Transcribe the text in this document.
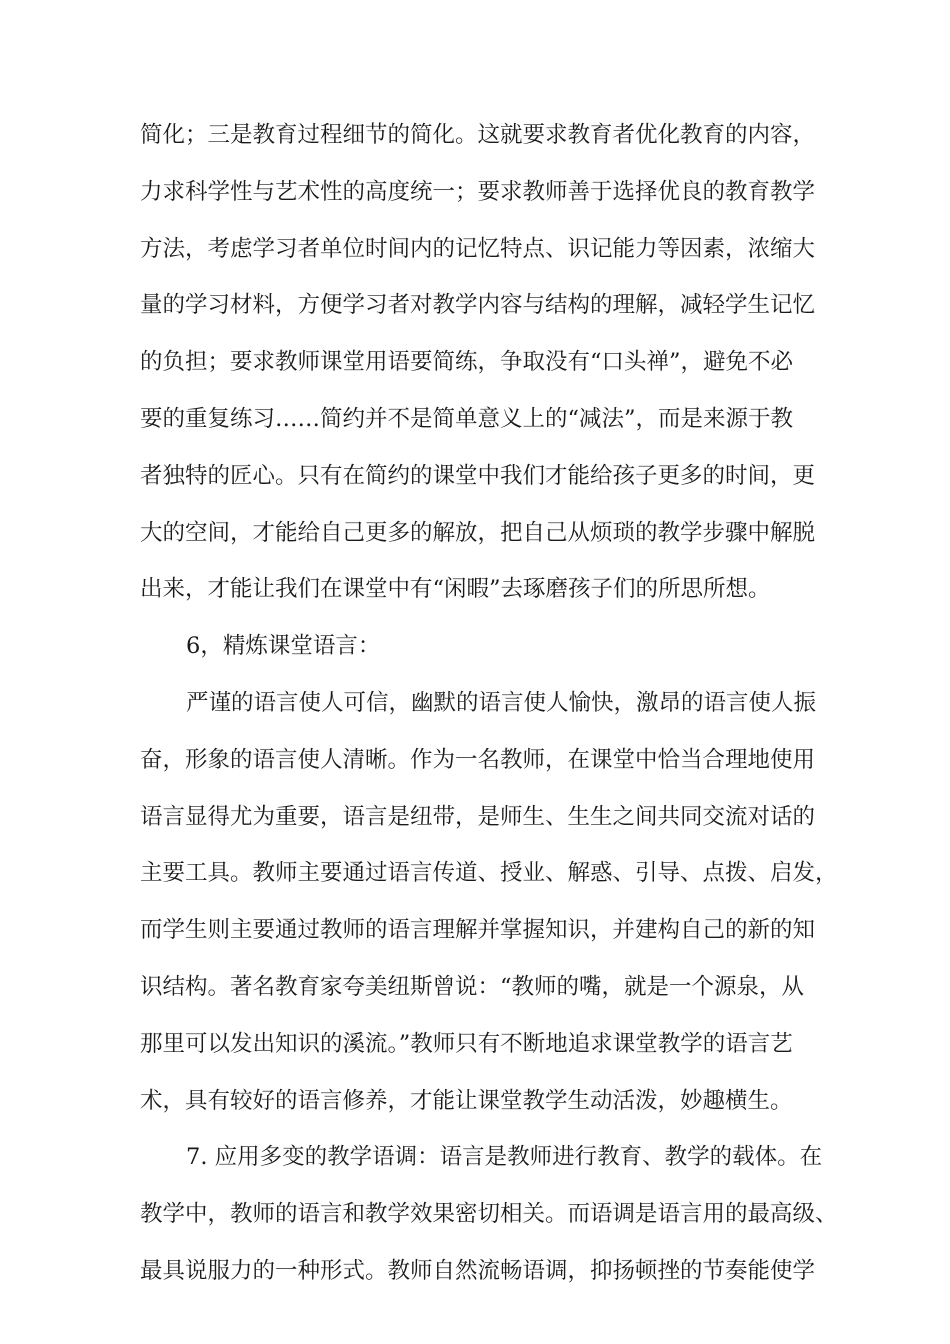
简化；三是教育过程细节的简化。这就要求教育者优化教育的内容，
力求科学性与艺术性的高度统一；要求教师善于选择优良的教育教学
方法，考虑学习者单位时间内的记忆特点、识记能力等因素，浓缩大
量的学习材料，方便学习者对教学内容与结构的理解，减轻学生记忆
的负担；要求教师课堂用语要简练，争取没有“口头禅”，避免不必
要的重复练习……简约并不是简单意义上的“减法”，而是来源于教
者独特的匠心。只有在简约的课堂中我们才能给孩子更多的时间，更
大的空间，才能给自己更多的解放，把自己从烦琐的教学步骤中解脱
出来，才能让我们在课堂中有“闲暇”去琢磨孩子们的所思所想。
6，精炼课堂语言：
严谨的语言使人可信，幽默的语言使人愉快，激昂的语言使人振
奋，形象的语言使人清晰。作为一名教师，在课堂中恰当合理地使用
语言显得尤为重要，语言是纽带，是师生、生生之间共同交流对话的
主要工具。教师主要通过语言传道、授业、解惑、引导、点拨、启发，
而学生则主要通过教师的语言理解并掌握知识，并建构自己的新的知
识结构。著名教育家夸美纽斯曾说：“教师的嘴，就是一个源泉，从
那里可以发出知识的溪流。”教师只有不断地追求课堂教学的语言艺
术，具有较好的语言修养，才能让课堂教学生动活泼，妙趣横生。
7. 应用多变的教学语调：语言是教师进行教育、教学的载体。在
教学中，教师的语言和教学效果密切相关。而语调是语言用的最高级、
最具说服力的一种形式。教师自然流畅语调，抑扬顿挫的节奏能使学
